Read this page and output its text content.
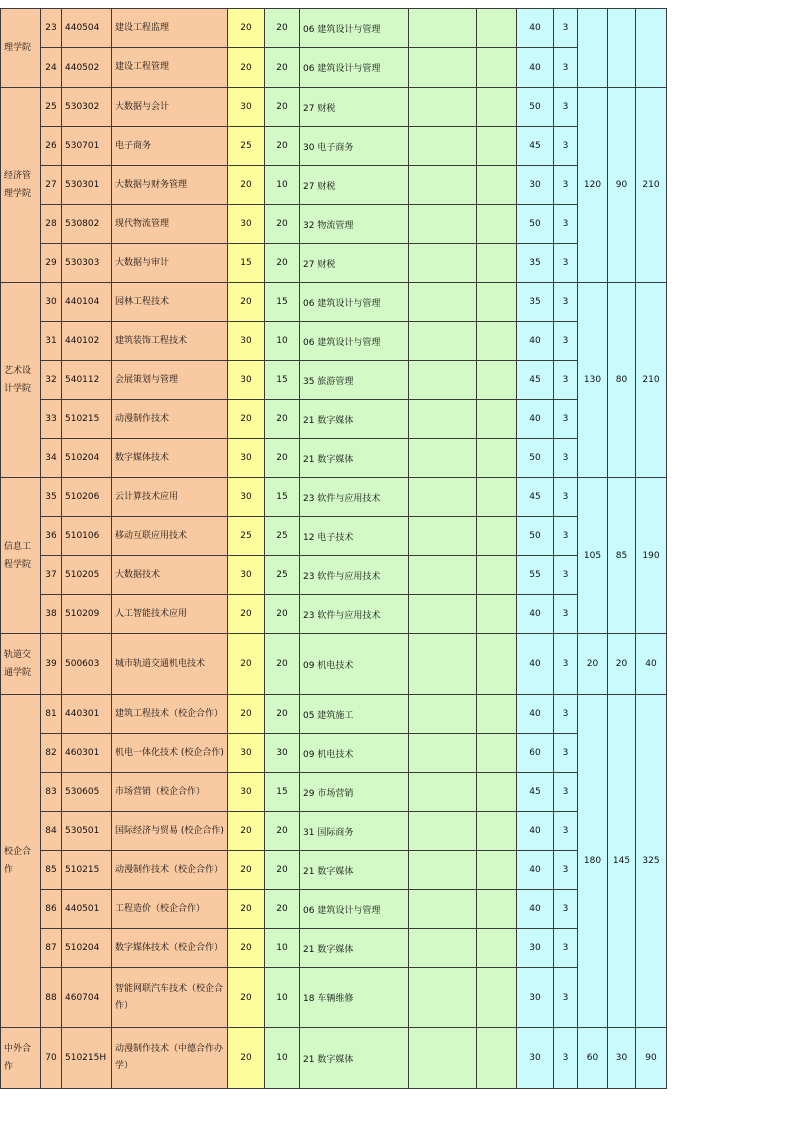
理学院	23	440504	建设工程监理	20	20	06 建筑设计与管理			40	3			
	24	440502	建设工程管理	20	20	06 建筑设计与管理			40	3			
经济管理学院	25	530302	大数据与会计	30	20	27 财税			50	3	120	90	210
	26	530701	电子商务	25	20	30 电子商务			45	3			
	27	530301	大数据与财务管理	20	10	27 财税			30	3			
	28	530802	现代物流管理	30	20	32 物流管理			50	3			
	29	530303	大数据与审计	15	20	27 财税			35	3			
艺术设计学院	30	440104	园林工程技术	20	15	06 建筑设计与管理			35	3	130	80	210
	31	440102	建筑装饰工程技术	30	10	06 建筑设计与管理			40	3			
	32	540112	会展策划与管理	30	15	35 旅游管理			45	3			
	33	510215	动漫制作技术	20	20	21 数字媒体			40	3			
	34	510204	数字媒体技术	30	20	21 数字媒体			50	3			
信息工程学院	35	510206	云计算技术应用	30	15	23 软件与应用技术			45	3	105	85	190
	36	510106	移动互联应用技术	25	25	12 电子技术			50	3			
	37	510205	大数据技术	30	25	23 软件与应用技术			55	3			
	38	510209	人工智能技术应用	20	20	23 软件与应用技术			40	3			
轨道交通学院	39	500603	城市轨道交通机电技术	20	20	09 机电技术			40	3	20	20	40
校企合作	81	440301	建筑工程技术（校企合作）	20	20	05 建筑施工			40	3	180	145	325
	82	460301	机电一体化技术 (校企合作)	30	30	09 机电技术			60	3			
	83	530605	市场营销（校企合作）	30	15	29 市场营销			45	3			
	84	530501	国际经济与贸易 (校企合作)	20	20	31 国际商务			40	3			
	85	510215	动漫制作技术（校企合作）	20	20	21 数字媒体			40	3			
	86	440501	工程造价（校企合作）	20	20	06 建筑设计与管理			40	3			
	87	510204	数字媒体技术（校企合作）	20	10	21 数字媒体			30	3			
	88	460704	智能网联汽车技术（校企合作）	20	10	18 车辆维修			30	3			
中外合作	70	510215H	动漫制作技术（中德合作办学）	20	10	21 数字媒体			30	3	60	30	90
